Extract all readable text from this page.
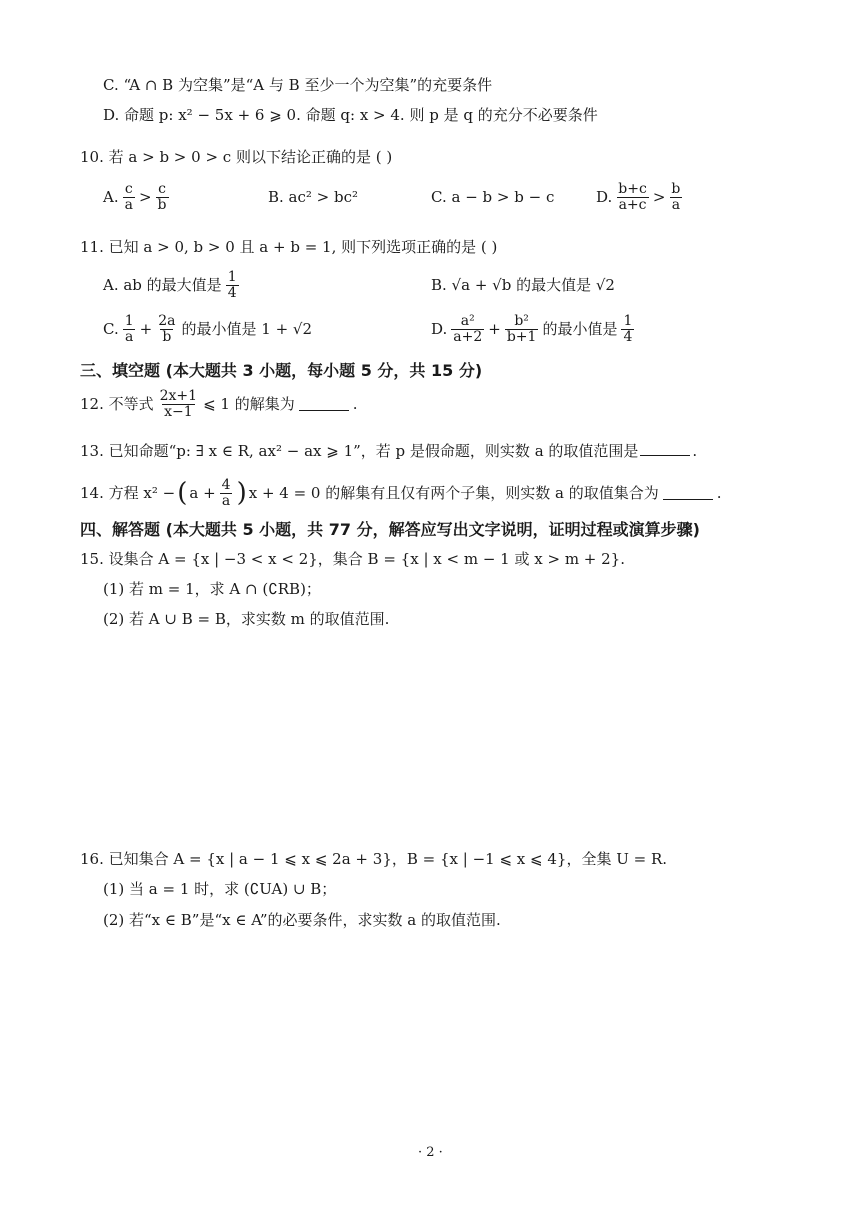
C. “A ∩ B 为空集”是“A 与 B 至少一个为空集”的充要条件
D. 命题 p: x² − 5x + 6 ⩾ 0. 命题 q: x > 4. 则 p 是 q 的充分不必要条件
10. 若 a > b > 0 > c 则以下结论正确的是 ( )
A. c
a > c
b	B. ac² > bc²	C. a − b > b − c	D. b+c
a+c > b
a
11. 已知 a > 0, b > 0 且 a + b = 1, 则下列选项正确的是 ( )
A. ab 的最大值是 1
4	B. √a + √b 的最大值是 √2
C. 1
$a + \frac{2a}{b}$ 的最小值是 1 + √2	D. a²
$a+2 + \frac{\text{b²}}{b+1}$ 的最小值是 1
4
三、填空题 (本大题共 3 小题，每小题 5 分，共 15 分)
12. 不等式 2x+1
x−1 ⩽ 1 的解集为	.
13. 已知命题“p: ∃ x ∈ R, ax² − ax ⩾ 1”，若 p 是假命题，则实数 a 的取值范围是	.
14. 方程 x² − ( $a + \frac{4}{a}$ ) x + 4 = 0 的解集有且仅有两个子集，则实数 a 的取值集合为	.
四、解答题 (本大题共 5 小题，共 77 分，解答应写出文字说明，证明过程或演算步骤)
15. 设集合 A = {x | −3 < x < 2}，集合 B = {x | x < m − 1 或 x > m + 2}.
(1) 若 m = 1，求 A ∩ (∁RB)；
(2) 若 A ∪ B = B，求实数 m 的取值范围.
16. 已知集合 A = {x | a − 1 ⩽ x ⩽ 2a + 3}，B = {x | −1 ⩽ x ⩽ 4}，全集 U = R.
(1) 当 a = 1 时，求 (∁UA) ∪ B；
(2) 若“x ∈ B”是“x ∈ A”的必要条件，求实数 a 的取值范围.
· 2 ·
